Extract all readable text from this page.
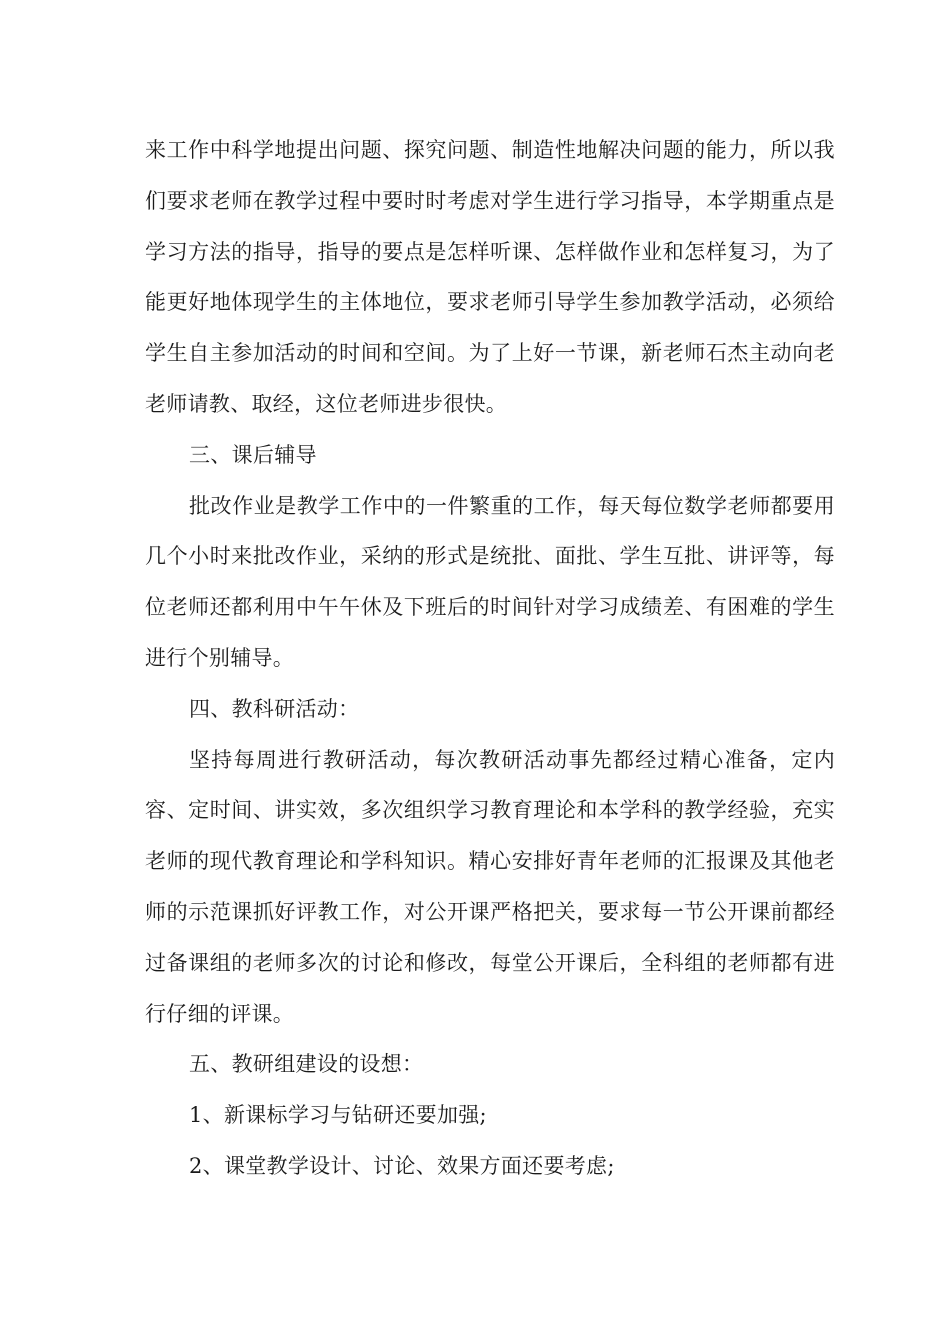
来工作中科学地提出问题、探究问题、制造性地解决问题的能力，所以我们要求老师在教学过程中要时时考虑对学生进行学习指导，本学期重点是学习方法的指导，指导的要点是怎样听课、怎样做作业和怎样复习，为了能更好地体现学生的主体地位，要求老师引导学生参加教学活动，必须给学生自主参加活动的时间和空间。为了上好一节课，新老师石杰主动向老老师请教、取经，这位老师进步很快。

三、课后辅导

批改作业是教学工作中的一件繁重的工作，每天每位数学老师都要用几个小时来批改作业，采纳的形式是统批、面批、学生互批、讲评等，每位老师还都利用中午午休及下班后的时间针对学习成绩差、有困难的学生进行个别辅导。

四、教科研活动：

坚持每周进行教研活动，每次教研活动事先都经过精心准备，定内容、定时间、讲实效，多次组织学习教育理论和本学科的教学经验，充实老师的现代教育理论和学科知识。精心安排好青年老师的汇报课及其他老师的示范课抓好评教工作，对公开课严格把关，要求每一节公开课前都经过备课组的老师多次的讨论和修改，每堂公开课后，全科组的老师都有进行仔细的评课。

五、教研组建设的设想：

1、新课标学习与钻研还要加强;

2、课堂教学设计、讨论、效果方面还要考虑;
